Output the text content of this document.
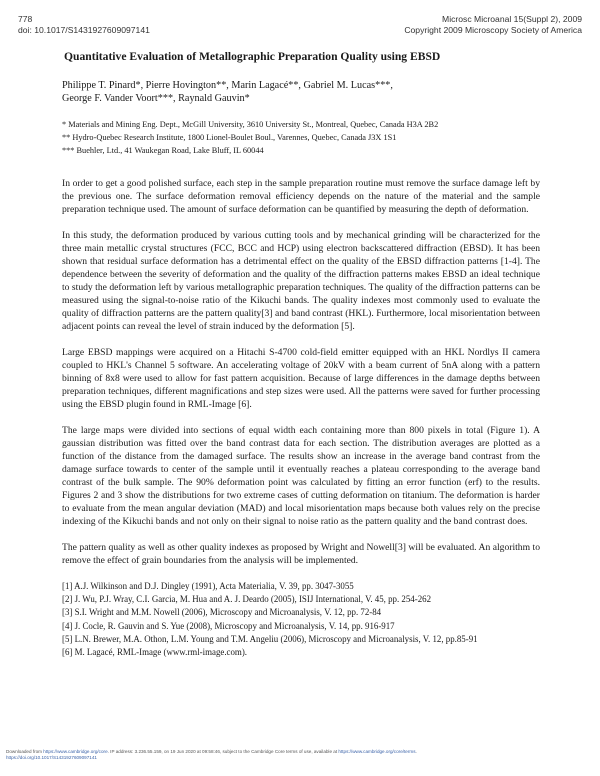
778
doi: 10.1017/S1431927609097141
Microsc Microanal 15(Suppl 2), 2009
Copyright 2009 Microscopy Society of America
Quantitative Evaluation of Metallographic Preparation Quality using EBSD
Philippe T. Pinard*, Pierre Hovington**, Marin Lagacé**, Gabriel M. Lucas***,
George F. Vander Voort***, Raynald Gauvin*
* Materials and Mining Eng. Dept., McGill University, 3610 University St., Montreal, Quebec, Canada H3A 2B2
** Hydro-Quebec Research Institute, 1800 Lionel-Boulet Boul., Varennes, Quebec, Canada J3X 1S1
*** Buehler, Ltd., 41 Waukegan Road, Lake Bluff, IL 60044

In order to get a good polished surface, each step in the sample preparation routine must remove the surface damage left by the previous one. The surface deformation removal efficiency depends on the nature of the material and the sample preparation technique used. The amount of surface deformation can be quantified by measuring the depth of deformation.

In this study, the deformation produced by various cutting tools and by mechanical grinding will be characterized for the three main metallic crystal structures (FCC, BCC and HCP) using electron backscattered diffraction (EBSD). It has been shown that residual surface deformation has a detrimental effect on the quality of the EBSD diffraction patterns [1-4]. The dependence between the severity of deformation and the quality of the diffraction patterns makes EBSD an ideal technique to study the deformation left by various metallographic preparation techniques. The quality of the diffraction patterns can be measured using the signal-to-noise ratio of the Kikuchi bands. The quality indexes most commonly used to evaluate the quality of diffraction patterns are the pattern quality[3] and band contrast (HKL). Furthermore, local misorientation between adjacent points can reveal the level of strain induced by the deformation [5].

Large EBSD mappings were acquired on a Hitachi S-4700 cold-field emitter equipped with an HKL Nordlys II camera coupled to HKL's Channel 5 software. An accelerating voltage of 20kV with a beam current of 5nA along with a pattern binning of 8x8 were used to allow for fast pattern acquisition. Because of large differences in the damage depths between preparation techniques, different magnifications and step sizes were used. All the patterns were saved for further processing using the EBSD plugin found in RML-Image [6].

The large maps were divided into sections of equal width each containing more than 800 pixels in total (Figure 1). A gaussian distribution was fitted over the band contrast data for each section. The distribution averages are plotted as a function of the distance from the damaged surface. The results show an increase in the average band contrast from the damage surface towards to center of the sample until it eventually reaches a plateau corresponding to the average band contrast of the bulk sample. The 90% deformation point was calculated by fitting an error function (erf) to the results. Figures 2 and 3 show the distributions for two extreme cases of cutting deformation on titanium. The deformation is harder to evaluate from the mean angular deviation (MAD) and local misorientation maps because both values rely on the precise indexing of the Kikuchi bands and not only on their signal to noise ratio as the pattern quality and the band contrast does.

The pattern quality as well as other quality indexes as proposed by Wright and Nowell[3] will be evaluated. An algorithm to remove the effect of grain boundaries from the analysis will be implemented.

[1] A.J. Wilkinson and D.J. Dingley (1991), Acta Materialia, V. 39, pp. 3047-3055
[2] J. Wu, P.J. Wray, C.I. Garcia, M. Hua and A. J. Deardo (2005), ISIJ International, V. 45, pp. 254-262
[3] S.I. Wright and M.M. Nowell (2006), Microscopy and Microanalysis, V. 12, pp. 72-84
[4] J. Cocle, R. Gauvin and S. Yue (2008), Microscopy and Microanalysis, V. 14, pp. 916-917
[5] L.N. Brewer, M.A. Othon, L.M. Young and T.M. Angeliu (2006), Microscopy and Microanalysis, V. 12, pp.85-91
[6] M. Lagacé, RML-Image (www.rml-image.com).
Downloaded from https://www.cambridge.org/core. IP address: 3.236.55.159, on 19 Jun 2020 at 09:58:46, subject to the Cambridge Core terms of use, available at https://www.cambridge.org/core/terms.
https://doi.org/10.1017/S1431927609097141
